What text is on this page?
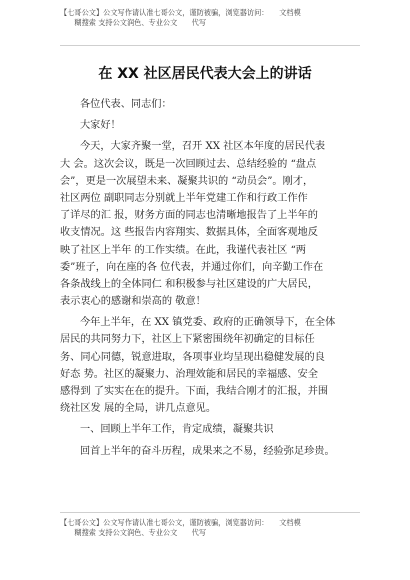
【七哥公文】公文写作请认准七哥公文，谨防被骗，浏览器访问：　　文档模
　　糊搜索 支持公文润色、专业公文　　代写
在 XX 社区居民代表大会上的讲话
各位代表、同志们：
大家好！
今天，大家齐聚一堂，召开 XX 社区本年度的居民代表
大 会。这次会议，既是一次回顾过去、总结经验的 “盘点
会”，更是一次展望未来、凝聚共识的 “动员会”。刚才，
社区两位 副职同志分别就上半年党建工作和行政工作作
了详尽的汇 报，财务方面的同志也清晰地报告了上半年的
收支情况。这 些报告内容翔实、数据具体，全面客观地反
映了社区上半年 的工作实绩。在此，我谨代表社区 “两
委”班子，向在座的各 位代表，并通过你们，向辛勤工作在
各条战线上的全体同仁 和积极参与社区建设的广大居民，
表示衷心的感谢和崇高的 敬意！
今年上半年，在 XX 镇党委、政府的正确领导下，在全体
居民的共同努力下，社区上下紧密围绕年初确定的目标任
务、同心同德，锐意进取，各项事业均呈现出稳健发展的良
好态 势。社区的凝聚力、治理效能和居民的幸福感、安全
感得到 了实实在在的提升。下面，我结合刚才的汇报，并围
绕社区发 展的全局，讲几点意见。
一、回顾上半年工作，肯定成绩，凝聚共识
回首上半年的奋斗历程，成果来之不易，经验弥足珍贵。
【七哥公文】公文写作请认准七哥公文，谨防被骗，浏览器访问：　　文档模
　　糊搜索 支持公文润色、专业公文　　代写
